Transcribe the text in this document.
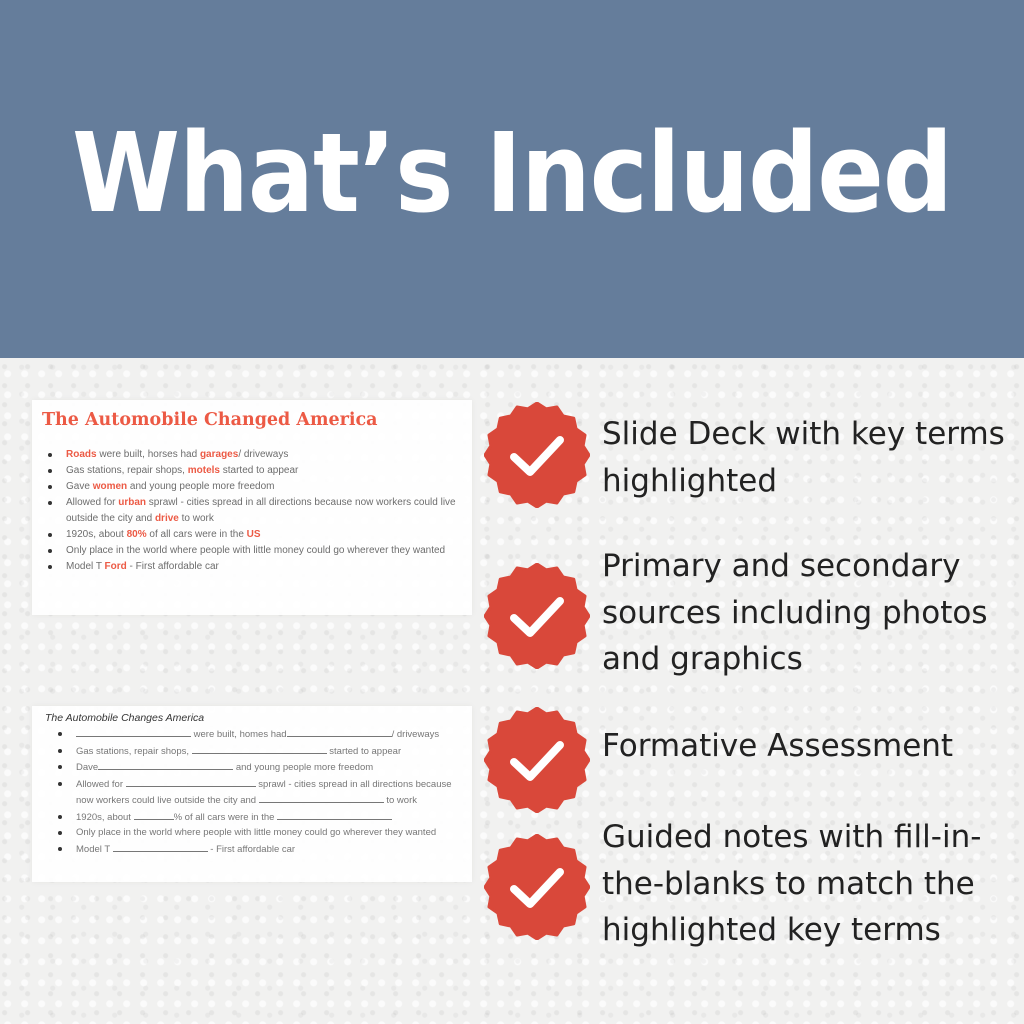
What’s Included
The Automobile Changed America
Roads were built, horses had garages/ driveways
Gas stations, repair shops, motels started to appear
Gave women and young people more freedom
Allowed for urban sprawl - cities spread in all directions because now workers could live outside the city and drive to work
1920s, about 80% of all cars were in the US
Only place in the world where people with little money could go wherever they wanted
Model T Ford - First affordable car
The Automobile Changes America
were built, homes had	/ driveways
Gas stations, repair shops,	started to appear
Dave	and young people more freedom
Allowed for	sprawl - cities spread in all directions because now workers could live outside the city and	to work
1920s, about	% of all cars were in the
Only place in the world where people with little money could go wherever they wanted
Model T	- First affordable car
Slide Deck with key terms highlighted
Primary and secondary sources including photos and graphics
Formative Assessment
Guided notes with fill-in-the-blanks to match the highlighted key terms
